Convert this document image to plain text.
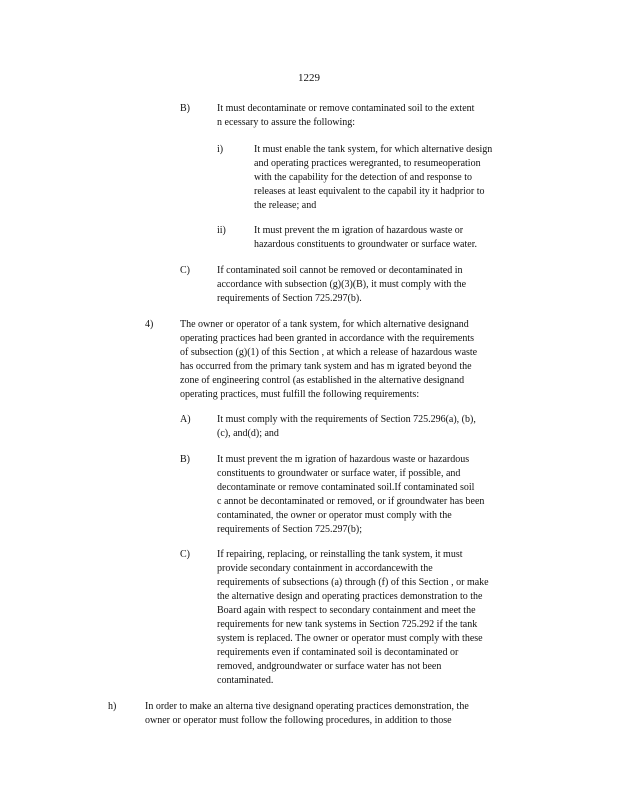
1229
B)	It must decontaminate or remove contaminated soil to the extent
n ecessary to assure the following:
i)	It must enable the tank system, for which alternative design
and operating practices weregranted, to resumeoperation
with the capability for the detection of and response to
releases at least equivalent to the capabil ity it hadprior to
the release; and
ii)	It must prevent the m igration of hazardous waste or
hazardous constituents to groundwater or surface water.
C)	If contaminated soil cannot be removed or decontaminated in
accordance with subsection (g)(3)(B), it must comply with the
requirements of Section 725.297(b).
4)	The owner or operator of a tank system, for which alternative designand
operating practices had been granted in accordance with the requirements
of subsection (g)(1) of this Section , at which a release of hazardous waste
has occurred from the primary tank system and has m igrated beyond the
zone of engineering control (as established in the alternative designand
operating practices, must fulfill the following requirements:
A)	It must comply with the requirements of Section 725.296(a), (b),
(c), and(d); and
B)	It must prevent the m igration of hazardous waste or hazardous
constituents to groundwater or surface water, if possible, and
decontaminate or remove contaminated soil.If contaminated soil
c annot be decontaminated or removed, or if groundwater has been
contaminated, the owner or operator must comply with the
requirements of Section 725.297(b);
C)	If repairing, replacing, or reinstalling the tank system, it must
provide secondary containment in accordancewith the
requirements of subsections (a) through (f) of this Section , or make
the alternative design and operating practices demonstration to the
Board again with respect to secondary containment and meet the
requirements for new tank systems in Section 725.292 if the tank
system is replaced. The owner or operator must comply with these
requirements even if contaminated soil is decontaminated or
removed, andgroundwater or surface water has not been
contaminated.
h)	In order to make an alterna tive designand operating practices demonstration, the
owner or operator must follow the following procedures, in addition to those
